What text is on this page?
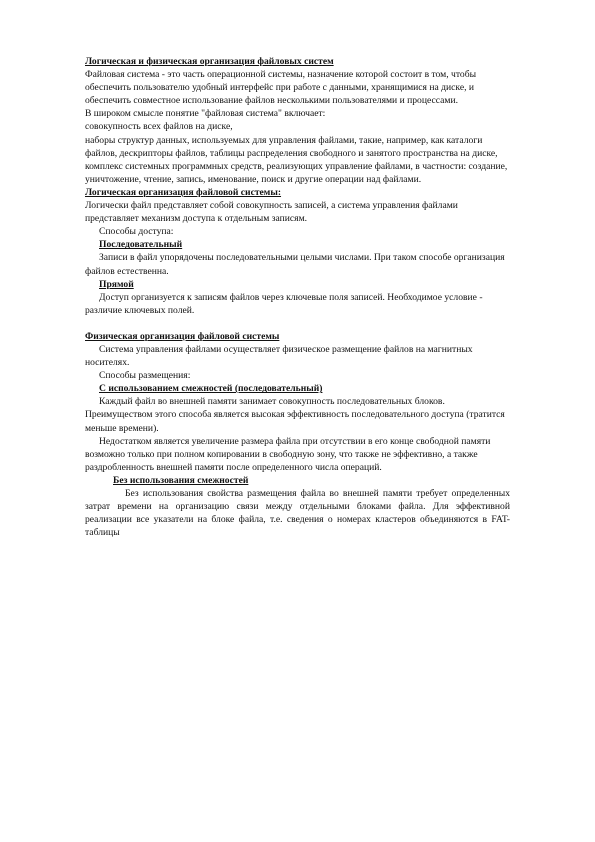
Логическая и физическая организация файловых систем

Файловая система - это часть операционной системы, назначение которой состоит в том, чтобы обеспечить пользователю удобный интерфейс при работе с данными, хранящимися на диске, и обеспечить совместное использование файлов несколькими пользователями и процессами.

В широком смысле понятие "файловая система" включает:

совокупность всех файлов на диске,

наборы структур данных, используемых для управления файлами, такие, например, как каталоги файлов, дескрипторы файлов, таблицы распределения свободного и занятого пространства на диске,

комплекс системных программных средств, реализующих управление файлами, в частности: создание, уничтожение, чтение, запись, именование, поиск и другие операции над файлами.

Логическая организация файловой системы:

Логически файл представляет собой совокупность записей, а система управления файлами представляет механизм доступа к отдельным записям.

Способы доступа:

Последовательный

Записи в файл упорядочены последовательными целыми числами. При таком способе организация файлов естественна.

Прямой

Доступ организуется к записям файлов через ключевые поля записей. Необходимое условие - различие ключевых полей.

Физическая организация файловой системы

Система управления файлами осуществляет физическое размещение файлов на магнитных носителях.

Способы размещения:

С использованием смежностей (последовательный)

Каждый файл во внешней памяти занимает совокупность последовательных блоков. Преимуществом этого способа является высокая эффективность последовательного доступа (тратится меньше времени).

Недостатком является увеличение размера файла при отсутствии в его конце свободной памяти возможно только при полном копировании в свободную зону, что также не эффективно, а также раздробленность внешней памяти после определенного числа операций.

Без использования смежностей

Без использования свойства размещения файла во внешней памяти требует определенных затрат времени на организацию связи между отдельными блоками файла. Для эффективной реализации все указатели на блоке файла, т.е. сведения о номерах кластеров объединяются в FAT-таблицы
